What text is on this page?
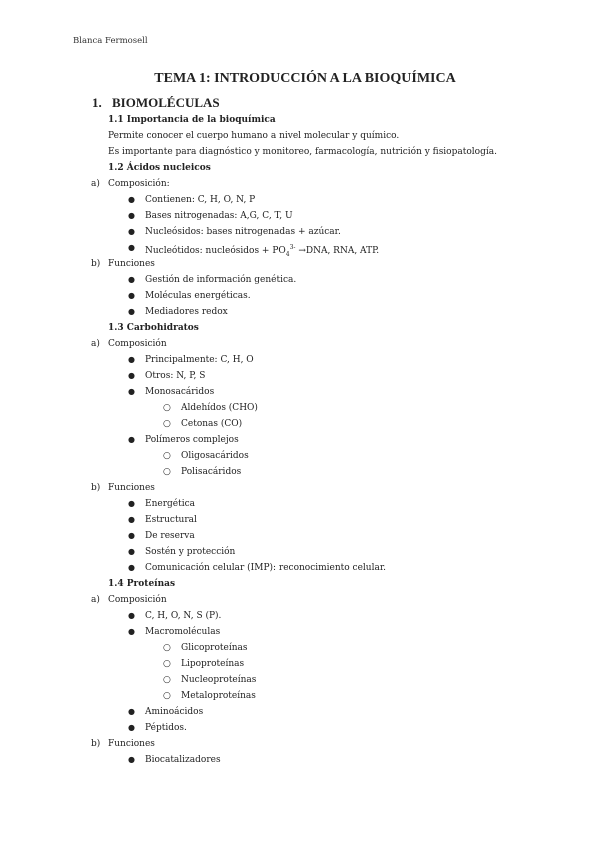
Blanca Fermosell
TEMA 1: INTRODUCCIÓN A LA BIOQUÍMICA
1. BIOMOLÉCULAS
1.1 Importancia de la bioquímica
Permite conocer el cuerpo humano a nivel molecular y químico.
Es importante para diagnóstico y monitoreo, farmacología, nutrición y fisiopatología.
1.2 Ácidos nucleicos
a) Composición:
● Contienen: C, H, O, N, P
● Bases nitrogenadas: A,G, C, T, U
● Nucleósidos: bases nitrogenadas + azúcar.
● Nucleótidos: nucleósidos + $PO_4^{3-} \to DNA$, RNA, ATP.
b) Funciones
● Gestión de información genética.
● Moléculas energéticas.
● Mediadores redox
1.3 Carbohidratos
a) Composición
● Principalmente: C, H, O
● Otros: N, P, S
● Monosacáridos
○ Aldehídos (CHO)
○ Cetonas (CO)
● Polímeros complejos
○ Oligosacáridos
○ Polisacáridos
b) Funciones
● Energética
● Estructural
● De reserva
● Sostén y protección
● Comunicación celular (IMP): reconocimiento celular.
1.4 Proteínas
a) Composición
● C, H, O, N, S (P).
● Macromoléculas
○ Glicoproteínas
○ Lipoproteínas
○ Nucleoproteínas
○ Metaloproteínas
● Aminoácidos
● Péptidos.
b) Funciones
● Biocatalizadores
